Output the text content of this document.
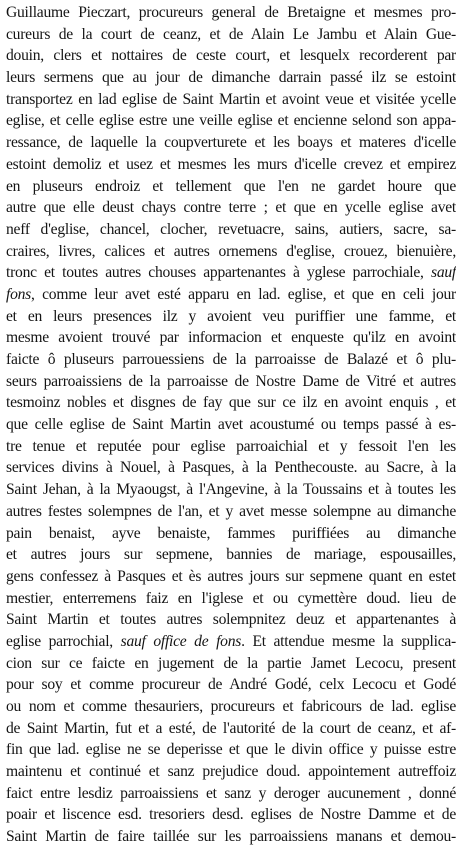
Guillaume Pieczart, procureurs general de Bretaigne et mesmes pro-
cureurs de la court de ceanz, et de Alain Le Jambu et Alain Gue-
douin, clers et nottaires de ceste court, et lesquelx recorderent par
leurs sermens que au jour de dimanche darrain passé ilz se estoint
transportez en lad eglise de Saint Martin et avoint veue et visitée ycelle
eglise, et celle eglise estre une veille eglise et encienne selond son appa-
ressance, de laquelle la coupverturete et les boays et materes d'icelle
estoint demoliz et usez et mesmes les murs d'icelle crevez et empirez
en pluseurs endroiz et tellement que l'en ne gardet houre que
autre que elle deust chays contre terre ; et que en ycelle eglise avet
neff d'eglise, chancel, clocher, revetuacre, sains, autiers, sacre, sa-
craires, livres, calices et autres ornemens d'eglise, crouez, bienuière,
tronc et toutes autres chouses appartenantes à yglese parrochiale, sauf
fons, comme leur avet esté apparu en lad. eglise, et que en celi jour
et en leurs presences ilz y avoient veu puriffier une famme, et
mesme avoient trouvé par informacion et enqueste qu'ilz en avoint
faicte ô pluseurs parrouessiens de la parroaisse de Balazé et ô plu-
seurs parroaissiens de la parroaisse de Nostre Dame de Vitré et autres
tesmoinz nobles et disgnes de fay que sur ce ilz en avoint enquis , et
que celle eglise de Saint Martin avet acoustumé ou temps passé à es-
tre tenue et reputée pour eglise parroaichial et y fessoit l'en les
services divins à Nouel, à Pasques, à la Penthecouste. au Sacre, à la
Saint Jehan, à la Myaougst, à l'Angevine, à la Toussains et à toutes les
autres festes solempnes de l'an, et y avet messe solempne au dimanche
pain benaist, ayve benaiste, fammes puriffiées au dimanche
et autres jours sur sepmene, bannies de mariage, espousailles,
gens confessez à Pasques et ès autres jours sur sepmene quant en estet
mestier, enterremens faiz en l'iglese et ou cymettère doud. lieu de
Saint Martin et toutes autres solempnitez deuz et appartenantes à
eglise parrochial, sauf office de fons. Et attendue mesme la supplica-
cion sur ce faicte en jugement de la partie Jamet Lecocu, present
pour soy et comme procureur de André Godé, celx Lecocu et Godé
ou nom et comme thesauriers, procureurs et fabricours de lad. eglise
de Saint Martin, fut et a esté, de l'autorité de la court de ceanz, et af-
fin que lad. eglise ne se deperisse et que le divin office y puisse estre
maintenu et continué et sanz prejudice doud. appointement autreffoiz
faict entre lesdiz parroaissiens et sanz y deroger aucunement , donné
poair et liscence esd. tresoriers desd. eglises de Nostre Damme et de
Saint Martin de faire taillée sur les parroaissiens manans et demou-
